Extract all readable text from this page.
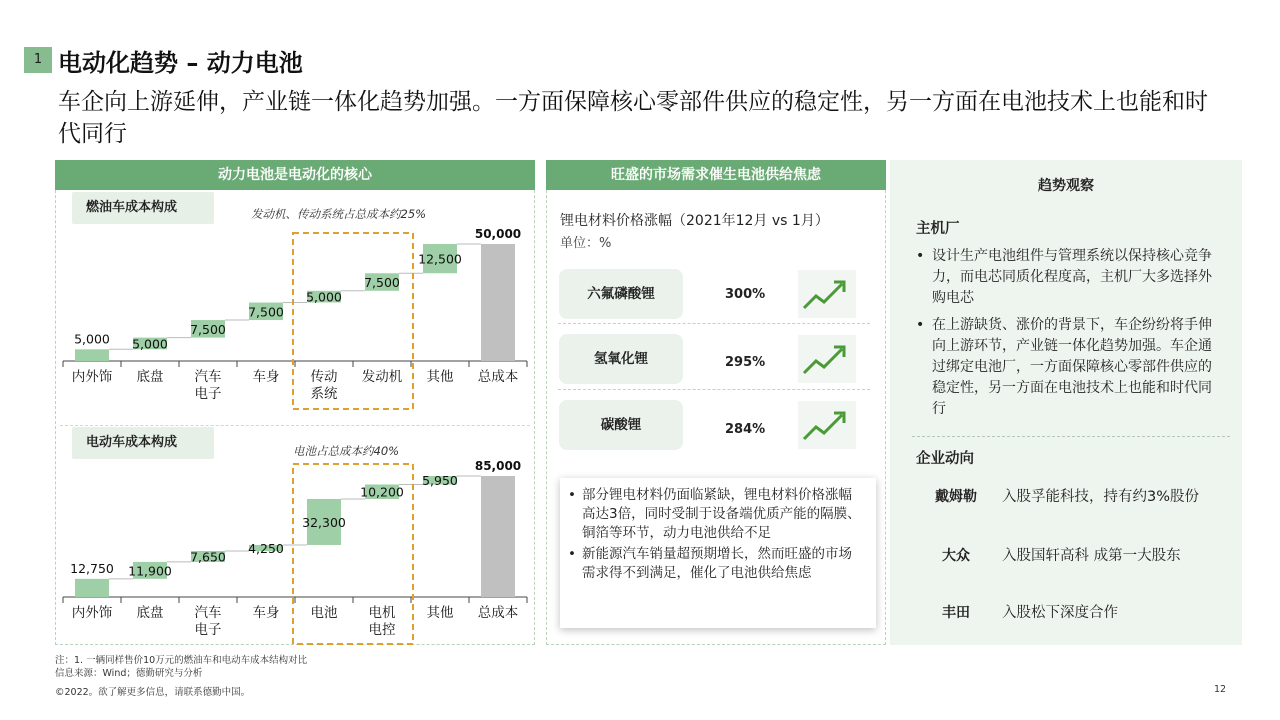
1 电动化趋势 – 动力电池
车企向上游延伸，产业链一体化趋势加强。一方面保障核心零部件供应的稳定性，另一方面在电池技术上也能和时代同行
动力电池是电动化的核心
燃油车成本构成	发动机、传动系统占总成本约25%
电动车成本构成
电池占总成本约40%
5,000
内外饰
5,000
底盘
7,500
汽车
电子
7,500
车身
5,000
传动
系统
7,500
发动机
12,500
其他
50,000
总成本
12,750
内外饰
11,900
底盘
7,650
汽车
电子
4,250
车身
32,300
电池
10,200
电机
电控
5,950
其他
85,000
总成本
旺盛的市场需求催生电池供给焦虑
锂电材料价格涨幅（2021年12月 vs 1月）
单位：%
六氟磷酸锂	300%
氢氧化锂	295%
碳酸锂	284%
• 部分锂电材料仍面临紧缺，锂电材料价格涨幅高达3倍，同时受制于设备端优质产能的隔膜、铜箔等环节，动力电池供给不足
• 新能源汽车销量超预期增长，然而旺盛的市场需求得不到满足，催化了电池供给焦虑
趋势观察
主机厂
• 设计生产电池组件与管理系统以保持核心竞争力，而电芯同质化程度高，主机厂大多选择外购电芯
• 在上游缺货、涨价的背景下，车企纷纷将手伸向上游环节，产业链一体化趋势加强。车企通过绑定电池厂，一方面保障核心零部件供应的稳定性，另一方面在电池技术上也能和时代同行
企业动向
戴姆勒	入股孚能科技，持有约3%股份
大众	入股国轩高科 成第一大股东
丰田	入股松下深度合作
注：1. 一辆同样售价10万元的燃油车和电动车成本结构对比
信息来源：Wind；德勤研究与分析
©2022。欲了解更多信息，请联系德勤中国。	12
